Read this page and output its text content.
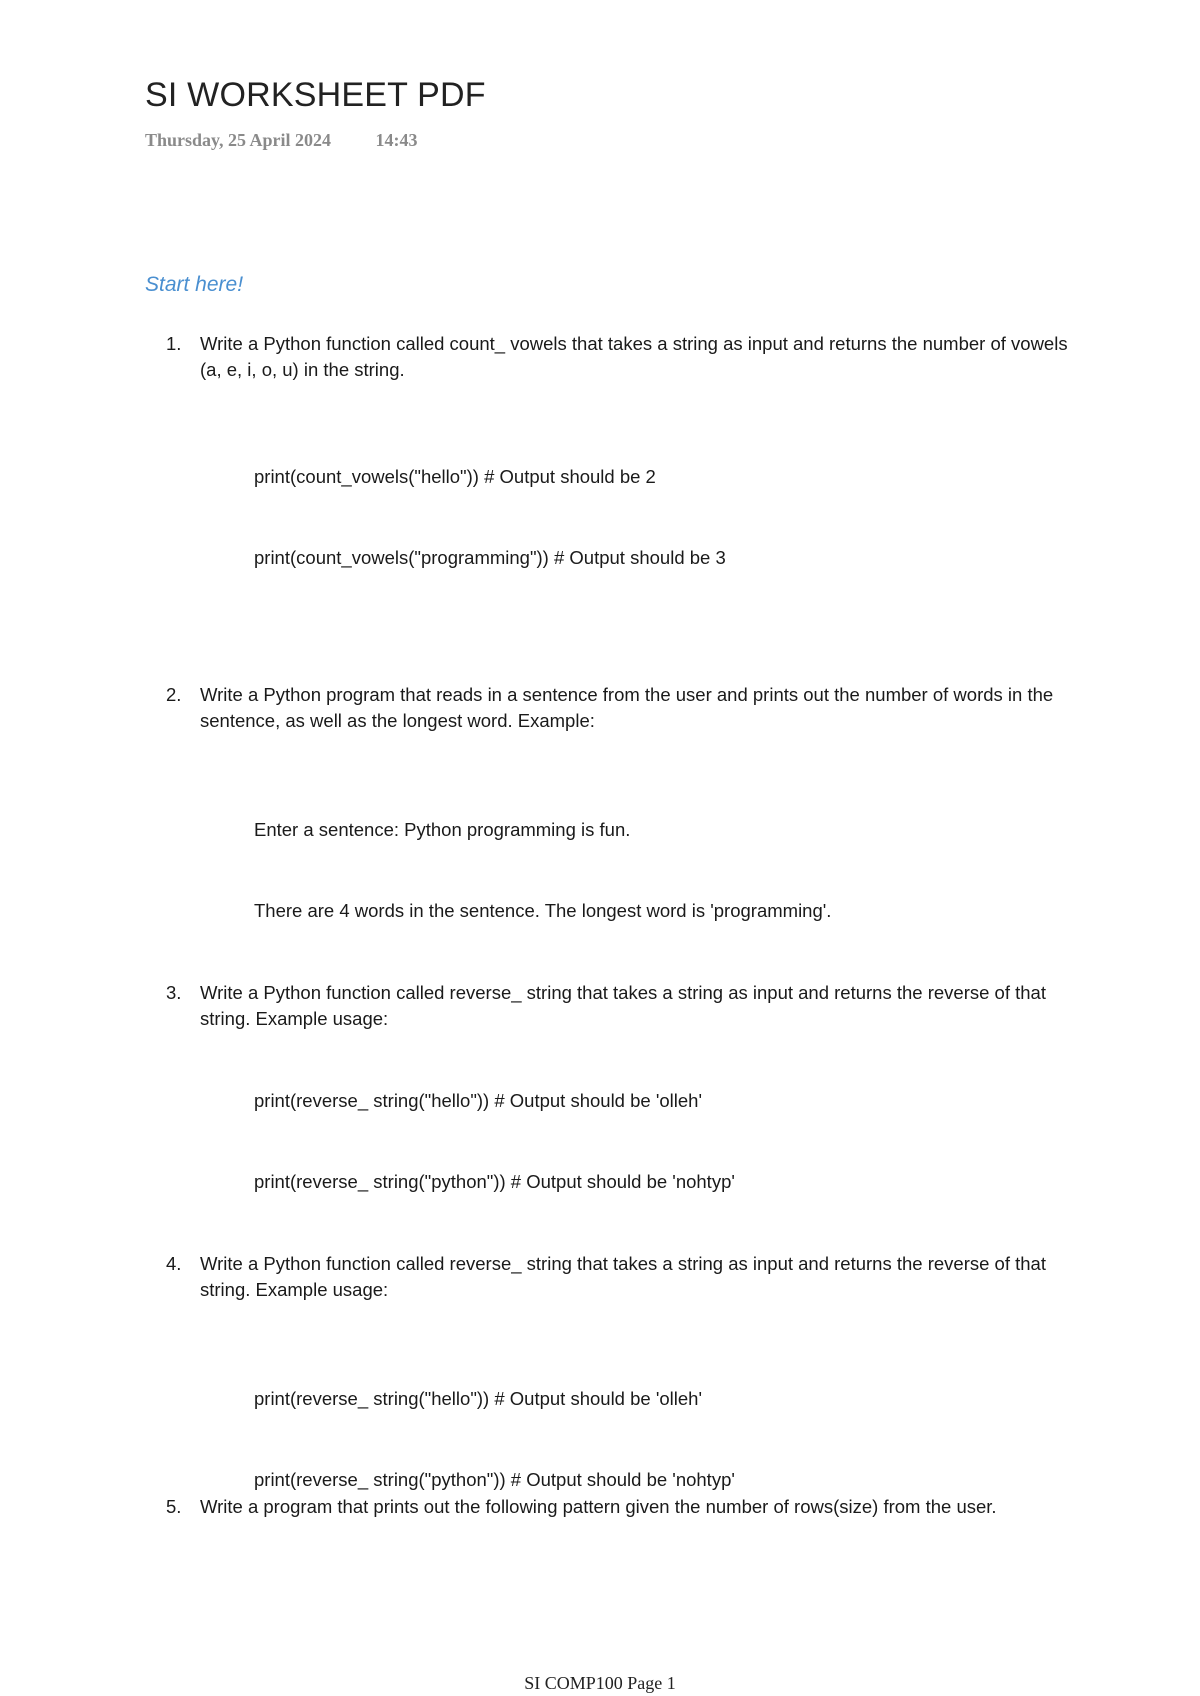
SI WORKSHEET PDF
Thursday, 25 April 2024 14:43
Start here!
1.	Write a Python function called count_ vowels that takes a string as input and returns the number of vowels (a, e, i, o, u) in the string.

print(count_vowels("hello")) # Output should be 2

print(count_vowels("programming")) # Output should be 3

2.	Write a Python program that reads in a sentence from the user and prints out the number of words in the sentence, as well as the longest word. Example:

Enter a sentence: Python programming is fun.

There are 4 words in the sentence. The longest word is 'programming'.

3.	Write a Python function called reverse_ string that takes a string as input and returns the reverse of that string. Example usage:

print(reverse_ string("hello")) # Output should be 'olleh'

print(reverse_ string("python")) # Output should be 'nohtyp'

4.	Write a Python function called reverse_ string that takes a string as input and returns the reverse of that string. Example usage:

print(reverse_ string("hello")) # Output should be 'olleh'

print(reverse_ string("python")) # Output should be 'nohtyp'

5.	Write a program that prints out the following pattern given the number of rows(size) from the user.
SI COMP100 Page 1
